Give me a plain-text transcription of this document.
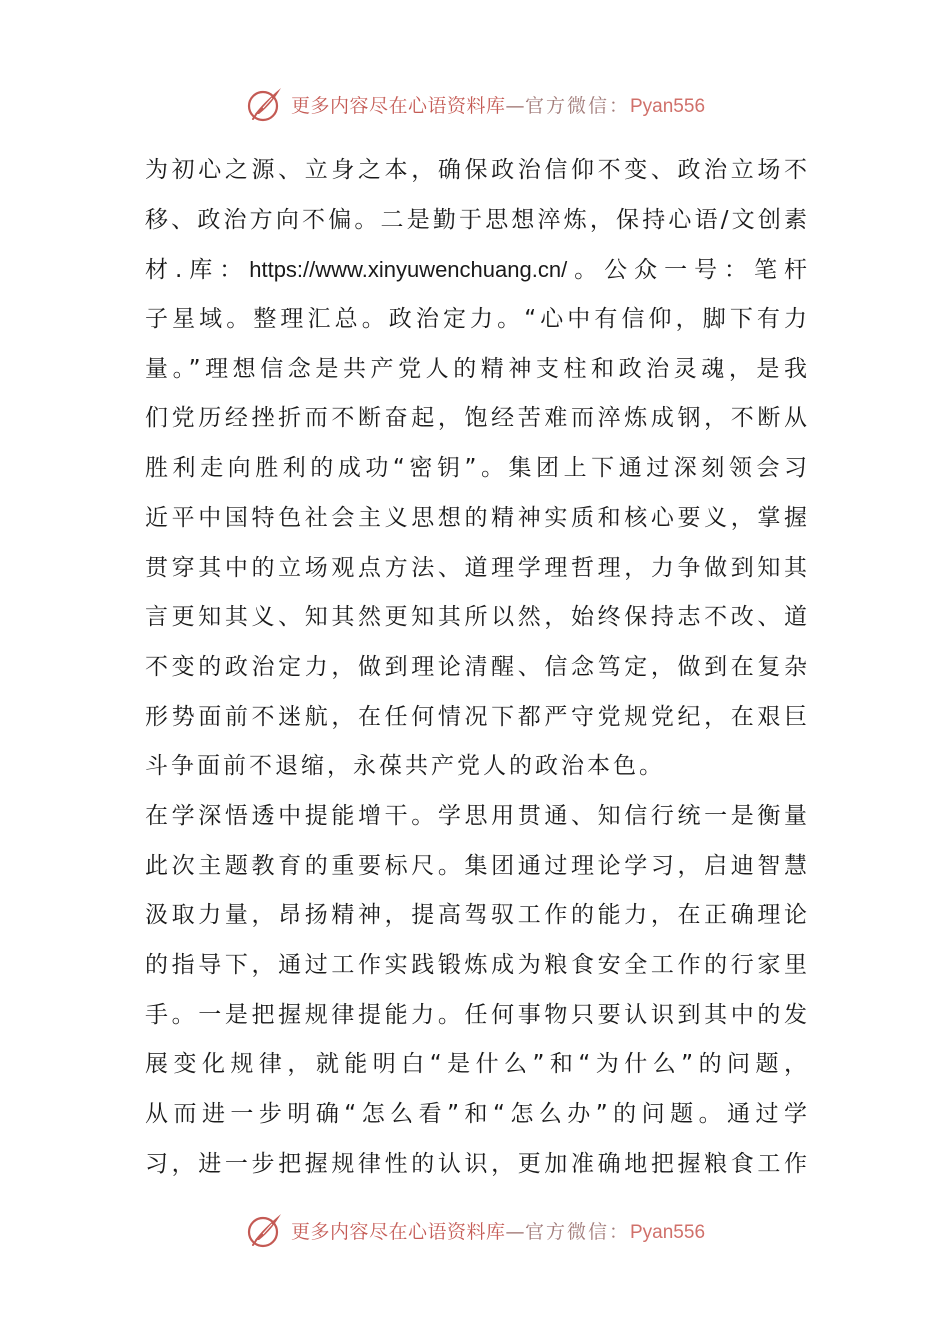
更多内容尽在心语资料库—官方微信：Pyan556
为初心之源、立身之本，确保政治信仰不变、政治立场不
移、政治方向不偏。二是勤于思想淬炼，保持心语/文创素
材.库：https://www.xinyuwenchuang.cn/。公众一号：笔杆
子星域。整理汇总。政治定力。“心中有信仰，脚下有力
量。”理想信念是共产党人的精神支柱和政治灵魂，是我
们党历经挫折而不断奋起，饱经苦难而淬炼成钢，不断从
胜利走向胜利的成功“密钥”。集团上下通过深刻领会习
近平中国特色社会主义思想的精神实质和核心要义，掌握
贯穿其中的立场观点方法、道理学理哲理，力争做到知其
言更知其义、知其然更知其所以然，始终保持志不改、道
不变的政治定力，做到理论清醒、信念笃定，做到在复杂
形势面前不迷航，在任何情况下都严守党规党纪，在艰巨
斗争面前不退缩，永葆共产党人的政治本色。
在学深悟透中提能增干。学思用贯通、知信行统一是衡量
此次主题教育的重要标尺。集团通过理论学习，启迪智慧
汲取力量，昂扬精神，提高驾驭工作的能力，在正确理论
的指导下，通过工作实践锻炼成为粮食安全工作的行家里
手。一是把握规律提能力。任何事物只要认识到其中的发
展变化规律，就能明白“是什么”和“为什么”的问题，
从而进一步明确“怎么看”和“怎么办”的问题。通过学
习，进一步把握规律性的认识，更加准确地把握粮食工作
更多内容尽在心语资料库—官方微信：Pyan556
